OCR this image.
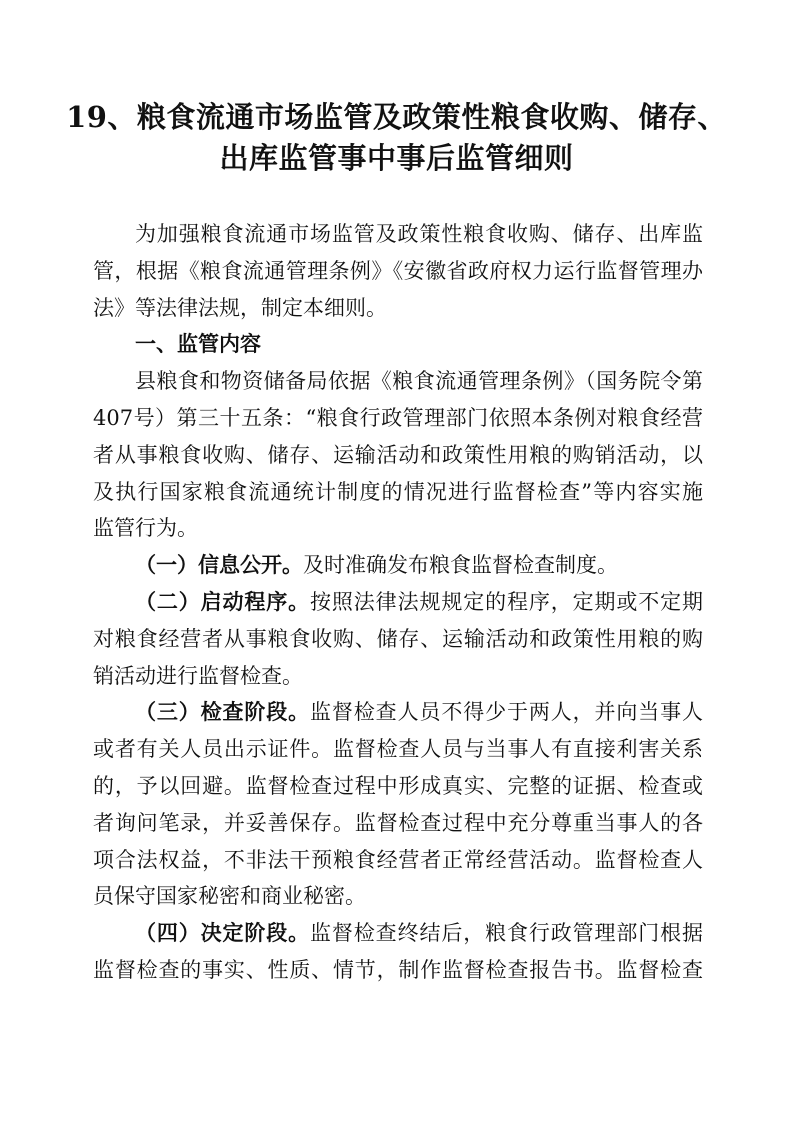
19、粮食流通市场监管及政策性粮食收购、储存、
出库监管事中事后监管细则
为加强粮食流通市场监管及政策性粮食收购、储存、出库监
管，根据《粮食流通管理条例》《安徽省政府权力运行监督管理办
法》等法律法规，制定本细则。
一、监管内容
县粮食和物资储备局依据《粮食流通管理条例》（国务院令第
407号）第三十五条：“粮食行政管理部门依照本条例对粮食经营
者从事粮食收购、储存、运输活动和政策性用粮的购销活动，以
及执行国家粮食流通统计制度的情况进行监督检查”等内容实施
监管行为。
（一）信息公开。及时准确发布粮食监督检查制度。
（二）启动程序。按照法律法规规定的程序，定期或不定期
对粮食经营者从事粮食收购、储存、运输活动和政策性用粮的购
销活动进行监督检查。
（三）检查阶段。监督检查人员不得少于两人，并向当事人
或者有关人员出示证件。监督检查人员与当事人有直接利害关系
的，予以回避。监督检查过程中形成真实、完整的证据、检查或
者询问笔录，并妥善保存。监督检查过程中充分尊重当事人的各
项合法权益，不非法干预粮食经营者正常经营活动。监督检查人
员保守国家秘密和商业秘密。
（四）决定阶段。监督检查终结后，粮食行政管理部门根据
监督检查的事实、性质、情节，制作监督检查报告书。监督检查
